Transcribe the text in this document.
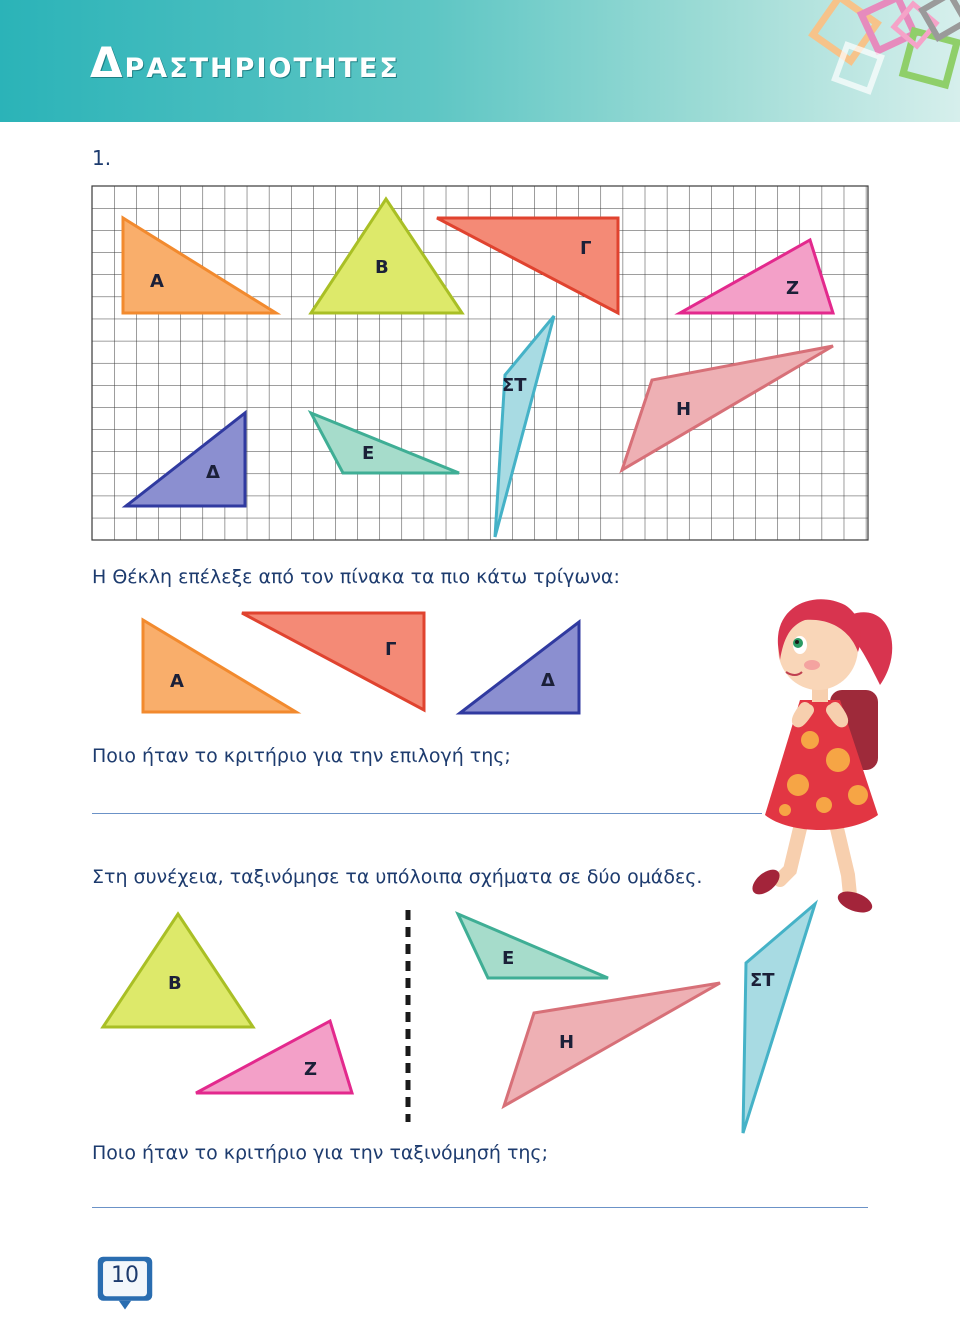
ΔΡΑΣΤΗΡΙΟΤΗΤΕΣ
1.
Α
Β
Γ
Ζ
ΣΤ
Η
Δ
Ε
Η Θέκλη επέλεξε από τον πίνακα τα πιο κάτω τρίγωνα:
Α
Γ
Δ
Ποιο ήταν το κριτήριο για την επιλογή της;
Στη συνέχεια, ταξινόμησε τα υπόλοιπα σχήματα σε δύο ομάδες.
Β
Ζ
Ε
Η
ΣΤ
Ποιο ήταν το κριτήριο για την ταξινόμησή της;
10
